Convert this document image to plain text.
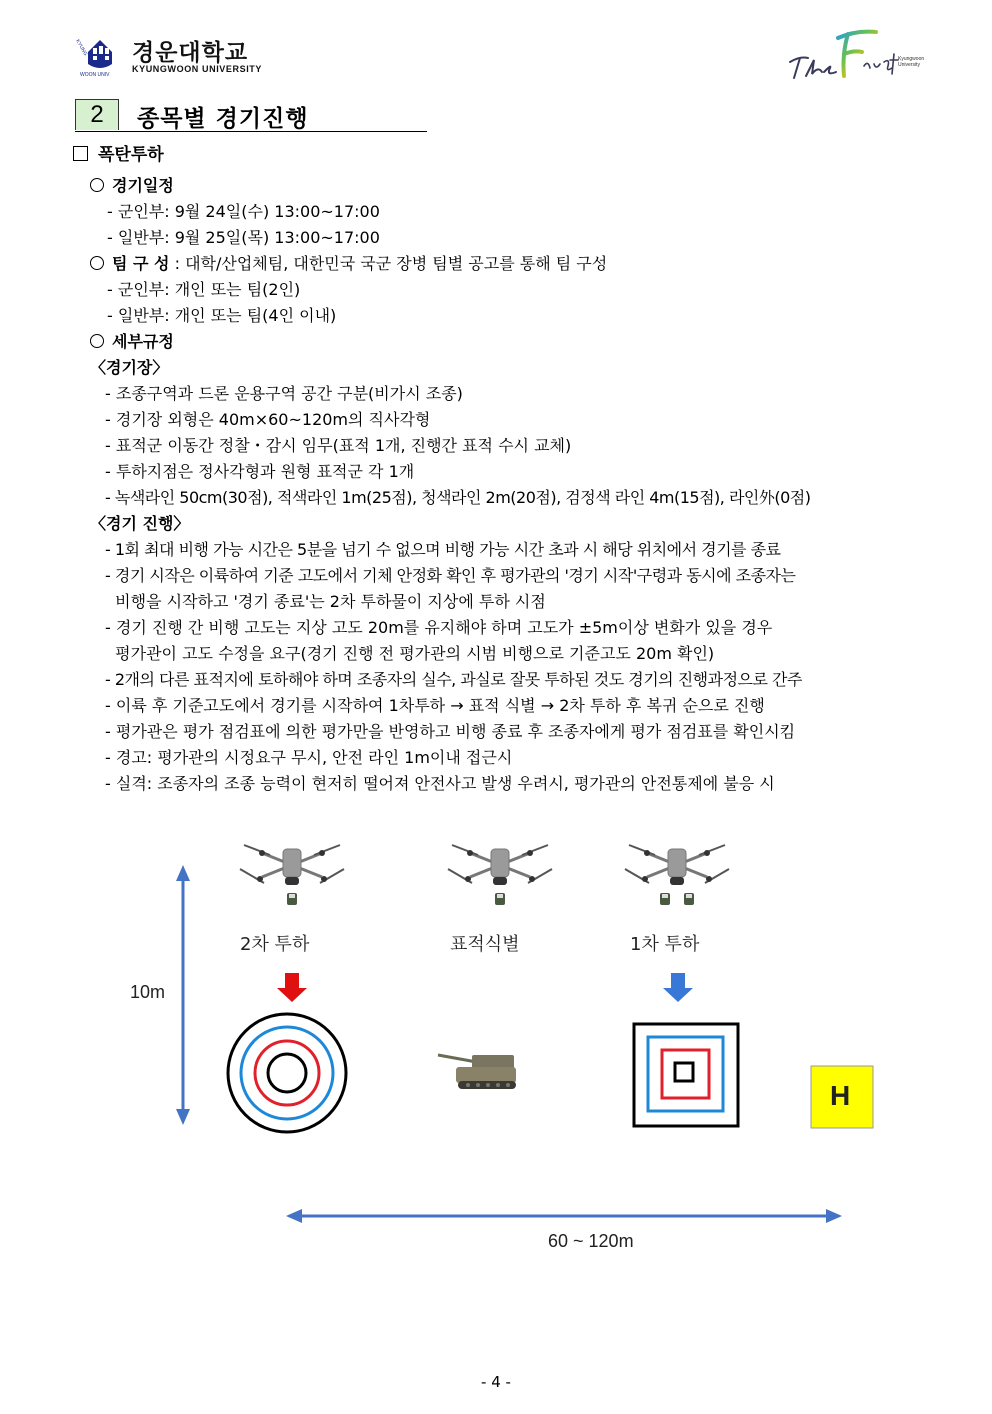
KYUNG
WOON UNIV
경운대학교
KYUNGWOON UNIVERSITY
Kyungwoon
University
2	종목별 경기진행
폭탄투하
경기일정
- 군인부: 9월 24일(수) 13:00~17:00
- 일반부: 9월 25일(목) 13:00~17:00
팀 구 성 : 대학/산업체팀, 대한민국 국군 장병 팀별 공고를 통해 팀 구성
- 군인부: 개인 또는 팀(2인)
- 일반부: 개인 또는 팀(4인 이내)
세부규정
〈경기장〉
- 조종구역과 드론 운용구역 공간 구분(비가시 조종)
- 경기장 외형은 40m×60~120m의 직사각형
- 표적군 이동간 정찰・감시 임무(표적 1개, 진행간 표적 수시 교체)
- 투하지점은 정사각형과 원형 표적군 각 1개
- 녹색라인 50cm(30점), 적색라인 1m(25점), 청색라인 2m(20점), 검정색 라인 4m(15점), 라인外(0점)
〈경기 진행〉
- 1회 최대 비행 가능 시간은 5분을 넘기 수 없으며 비행 가능 시간 초과 시 해당 위치에서 경기를 종료
- 경기 시작은 이륙하여 기준 고도에서 기체 안정화 확인 후 평가관의 '경기 시작'구령과 동시에 조종자는
비행을 시작하고 '경기 종료'는 2차 투하물이 지상에 투하 시점
- 경기 진행 간 비행 고도는 지상 고도 20m를 유지해야 하며 고도가 ±5m이상 변화가 있을 경우
평가관이 고도 수정을 요구(경기 진행 전 평가관의 시범 비행으로 기준고도 20m 확인)
- 2개의 다른 표적지에 토하해야 하며 조종자의 실수, 과실로 잘못 투하된 것도 경기의 진행과정으로 간주
- 이륙 후 기준고도에서 경기를 시작하여 1차투하 → 표적 식별 → 2차 투하 후 복귀 순으로 진행
- 평가관은 평가 점검표에 의한 평가만을 반영하고 비행 종료 후 조종자에게 평가 점검표를 확인시킴
- 경고: 평가관의 시정요구 무시, 안전 라인 1m이내 접근시
- 실격: 조종자의 조종 능력이 현저히 떨어져 안전사고 발생 우려시, 평가관의 안전통제에 불응 시
2차 투하	표적식별	1차 투하
10m
H
60 ~ 120m
- 4 -
